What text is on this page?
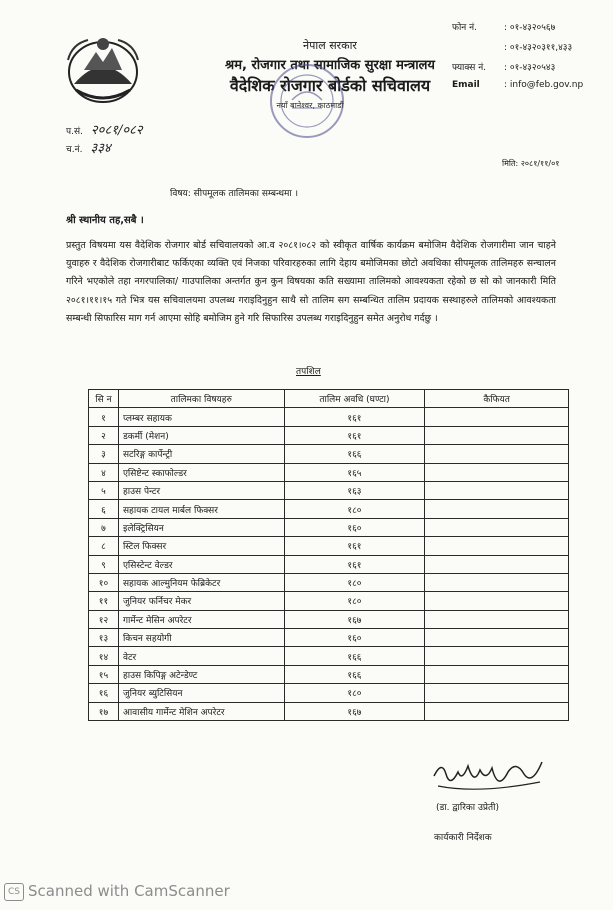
नेपाल सरकार
श्रम, रोजगार तथा सामाजिक सुरक्षा मन्त्रालय
वैदेशिक रोजगार बोर्डको सचिवालय
नयाँ बानेश्वर, काठमाडौं
फोन नं.	: ०१-४३२०५६७
: ०१-४३२०३११,४३३
फ्याक्स नं. : ०१-४३२०५४३
Email	: info@feb.gov.np
प.सं. २०८१/०८२
च.नं. ३३४
मिति: २०८१/११/०१
विषय: सीपमूलक तालिमका सम्बन्धमा ।
श्री स्थानीय तह,सबै ।
प्रस्तुत विषयमा यस वैदेशिक रोजगार बोर्ड सचिवालयको आ.व २०८१।०८२ को स्वीकृत वार्षिक कार्यक्रम बमोजिम वैदेशिक रोजगारीमा जान चाहने युवाहरु र वैदेशिक रोजगारीबाट फर्किएका व्यक्ति एवं निजका परिवारहरुका लागि देहाय बमोजिमका छोटो अवधिका सीपमूलक तालिमहरु सन्चालन गरिने भएकोले तहा नगरपालिका/ गाउपालिका अन्तर्गत कुन कुन विषयका कति सख्यामा तालिमको आवश्यकता रहेको छ सो को जानकारी मिति २०८१।११।१५ गते भित्र यस सचिवालयमा उपलब्ध गराइदिनुहुन साथै सो तालिम सग सम्बन्धित तालिम प्रदायक सस्थाहरुले तालिमको आवश्यकता सम्बन्धी सिफारिस माग गर्न आएमा सोहि बमोजिम हुने गरि सिफारिस उपलब्ध गराइदिनुहुन समेत अनुरोध गर्दछु ।
तपशिल
सि न	तालिमका विषयहरु	तालिम अवधि (घण्टा)	कैफियत
१	प्लम्बर सहायक	१६१	
२	डकर्मी (मेशन)	१६१	
३	सटरिङ्ग कार्पेन्ट्री	१६६	
४	एसिष्टेन्ट स्काफोल्डर	१६५	
५	हाउस पेन्टर	१६३	
६	सहायक टायल मार्बल फिक्सर	१८०	
७	इलेक्ट्रिसियन	१६०	
८	स्टिल फिक्सर	१६१	
९	एसिस्टेन्ट वेल्डर	१६१	
१०	सहायक आल्मुनियम फेब्रिकेटर	१८०	
११	जुनियर फर्निचर मेकर	१८०	
१२	गार्मेन्ट मेसिन अपरेटर	१६७	
१३	किचन सहयोगी	१६०	
१४	वेटर	१६६	
१५	हाउस किपिङ्ग अटेन्डेण्ट	१६६	
१६	जुनियर ब्युटिसियन	१८०	
१७	आवासीय गार्मेन्ट मेशिन अपरेटर	१६७	
(डा. द्वारिका उप्रेती)
कार्यकारी निर्देशक
CS Scanned with CamScanner
